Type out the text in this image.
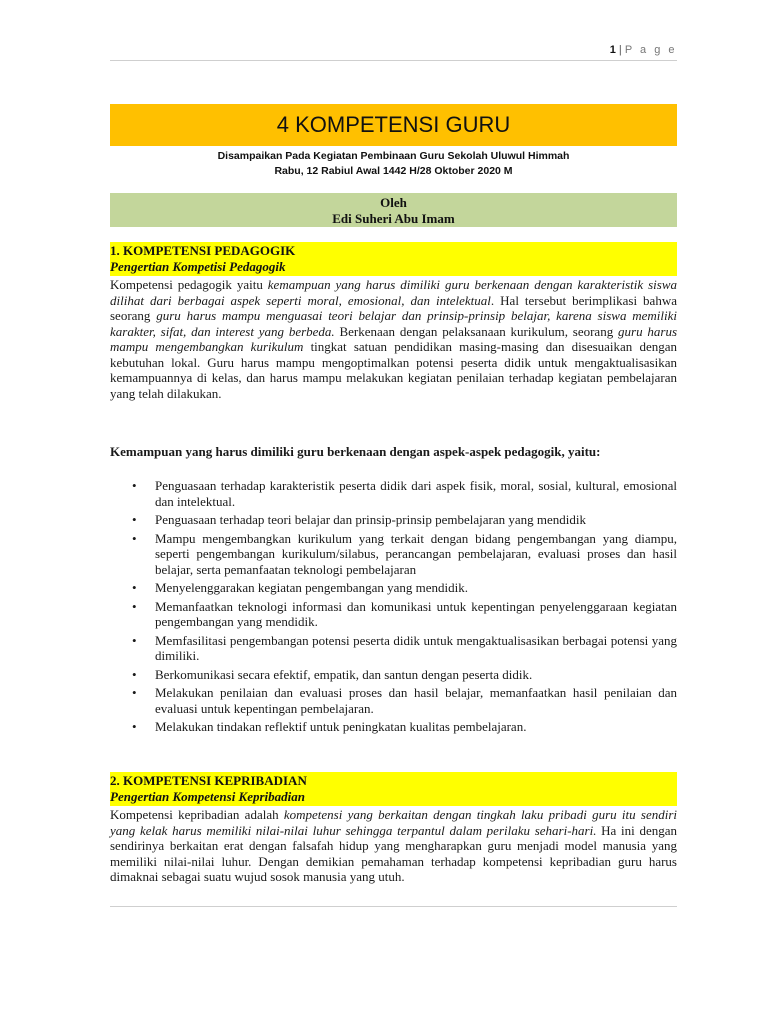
1 | P a g e
4 KOMPETENSI GURU
Disampaikan Pada Kegiatan Pembinaan Guru Sekolah Uluwul Himmah
Rabu, 12 Rabiul Awal 1442 H/28 Oktober 2020 M
Oleh
Edi Suheri Abu Imam
1. KOMPETENSI PEDAGOGIK
Pengertian Kompetisi Pedagogik

Kompetensi pedagogik yaitu kemampuan yang harus dimiliki guru berkenaan dengan karakteristik siswa dilihat dari berbagai aspek seperti moral, emosional, dan intelektual. Hal tersebut berimplikasi bahwa seorang guru harus mampu menguasai teori belajar dan prinsip-prinsip belajar, karena siswa memiliki karakter, sifat, dan interest yang berbeda. Berkenaan dengan pelaksanaan kurikulum, seorang guru harus mampu mengembangkan kurikulum tingkat satuan pendidikan masing-masing dan disesuaikan dengan kebutuhan lokal. Guru harus mampu mengoptimalkan potensi peserta didik untuk mengaktualisasikan kemampuannya di kelas, dan harus mampu melakukan kegiatan penilaian terhadap kegiatan pembelajaran yang telah dilakukan.

Kemampuan yang harus dimiliki guru berkenaan dengan aspek-aspek pedagogik, yaitu:
• Penguasaan terhadap karakteristik peserta didik dari aspek fisik, moral, sosial, kultural, emosional dan intelektual.
• Penguasaan terhadap teori belajar dan prinsip-prinsip pembelajaran yang mendidik
• Mampu mengembangkan kurikulum yang terkait dengan bidang pengembangan yang diampu, seperti pengembangan kurikulum/silabus, perancangan pembelajaran, evaluasi proses dan hasil belajar, serta pemanfaatan teknologi pembelajaran
• Menyelenggarakan kegiatan pengembangan yang mendidik.
• Memanfaatkan teknologi informasi dan komunikasi untuk kepentingan penyelenggaraan kegiatan pengembangan yang mendidik.
• Memfasilitasi pengembangan potensi peserta didik untuk mengaktualisasikan berbagai potensi yang dimiliki.
• Berkomunikasi secara efektif, empatik, dan santun dengan peserta didik.
• Melakukan penilaian dan evaluasi proses dan hasil belajar, memanfaatkan hasil penilaian dan evaluasi untuk kepentingan pembelajaran.
• Melakukan tindakan reflektif untuk peningkatan kualitas pembelajaran.
2. KOMPETENSI KEPRIBADIAN
Pengertian Kompetensi Kepribadian

Kompetensi kepribadian adalah kompetensi yang berkaitan dengan tingkah laku pribadi guru itu sendiri yang kelak harus memiliki nilai-nilai luhur sehingga terpantul dalam perilaku sehari-hari. Ha ini dengan sendirinya berkaitan erat dengan falsafah hidup yang mengharapkan guru menjadi model manusia yang memiliki nilai-nilai luhur. Dengan demikian pemahaman terhadap kompetensi kepribadian guru harus dimaknai sebagai suatu wujud sosok manusia yang utuh.
